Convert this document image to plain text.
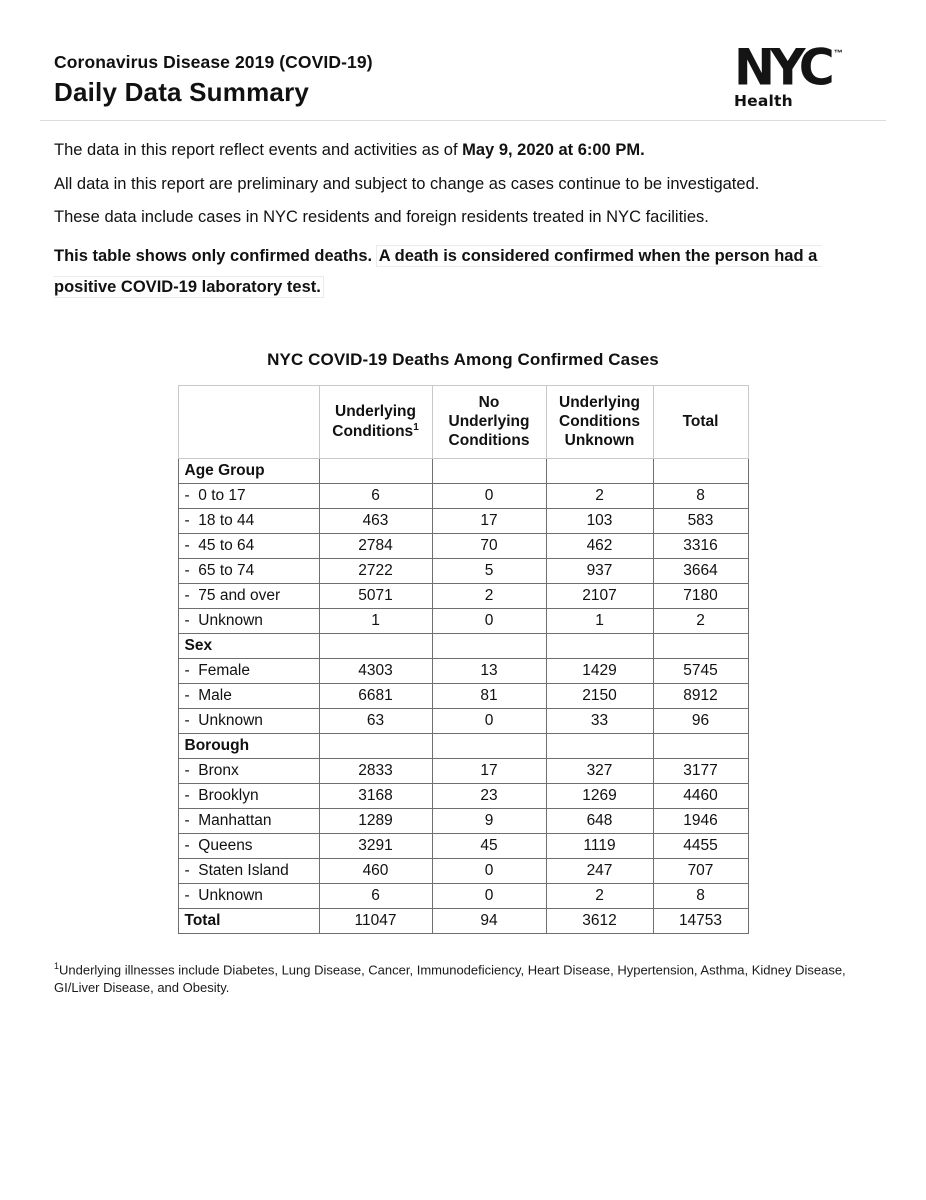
Coronavirus Disease 2019 (COVID-19)
Daily Data Summary	NYC ™
Health

The data in this report reflect events and activities as of May 9, 2020 at 6:00 PM.

All data in this report are preliminary and subject to change as cases continue to be investigated.

These data include cases in NYC residents and foreign residents treated in NYC facilities.

This table shows only confirmed deaths. A death is considered confirmed when the person had a positive COVID-19 laboratory test.

NYC COVID-19 Deaths Among Confirmed Cases
	Underlying Conditions$^1$	No Underlying Conditions	Underlying Conditions Unknown	Total
Age Group				
-  0 to 17	6	0	2	8
-  18 to 44	463	17	103	583
-  45 to 64	2784	70	462	3316
-  65 to 74	2722	5	937	3664
-  75 and over	5071	2	2107	7180
-  Unknown	1	0	1	2
Sex				
-  Female	4303	13	1429	5745
-  Male	6681	81	2150	8912
-  Unknown	63	0	33	96
Borough				
-  Bronx	2833	17	327	3177
-  Brooklyn	3168	23	1269	4460
-  Manhattan	1289	9	648	1946
-  Queens	3291	45	1119	4455
-  Staten Island	460	0	247	707
-  Unknown	6	0	2	8
Total	11047	94	3612	14753
$^1$Underlying illnesses include Diabetes, Lung Disease, Cancer, Immunodeficiency, Heart Disease, Hypertension, Asthma, Kidney Disease, GI/Liver Disease, and Obesity.
